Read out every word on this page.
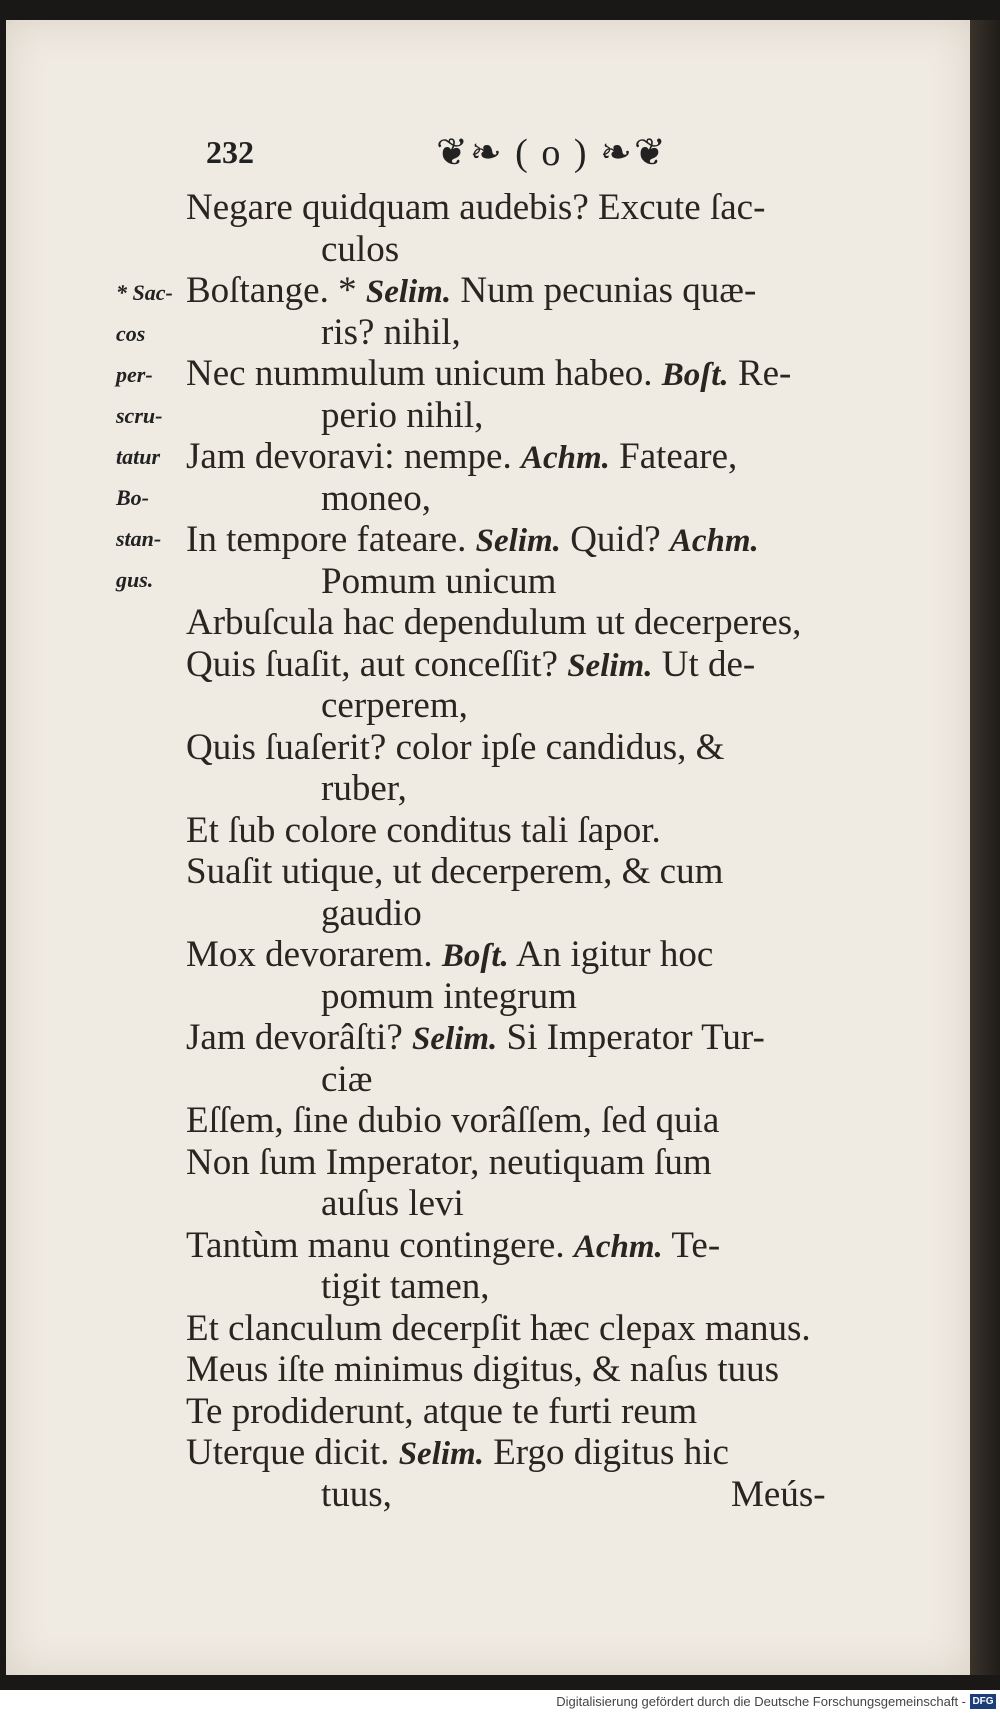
232	❦❧ ( o ) ❧❦
* Sac-
cos
per-
scru-
tatur
Bo-
stan-
gus.
Negare quidquam audebis? Excute ſac-
culos
Boſtange. * Selim. Num pecunias quæ-
ris? nihil,
Nec nummulum unicum habeo. Boſt. Re-
perio nihil,
Jam devoravi: nempe. Achm. Fateare,
moneo,
In tempore fateare. Selim. Quid? Achm.
Pomum unicum
Arbuſcula hac dependulum ut decerperes,
Quis ſuaſit, aut conceſſit? Selim. Ut de-
cerperem,
Quis ſuaſerit? color ipſe candidus, &
ruber,
Et ſub colore conditus tali ſapor.
Suaſit utique, ut decerperem, & cum
gaudio
Mox devorarem. Boſt. An igitur hoc
pomum integrum
Jam devorâſti? Selim. Si Imperator Tur-
ciæ
Eſſem, ſine dubio vorâſſem, ſed quia
Non ſum Imperator, neutiquam ſum
auſus levi
Tantùm manu contingere. Achm. Te-
tigit tamen,
Et clanculum decerpſit hæc clepax manus.
Meus iſte minimus digitus, & naſus tuus
Te prodiderunt, atque te furti reum
Uterque dicit. Selim. Ergo digitus hic
tuus,	Meús-
Digitalisierung gefördert durch die Deutsche Forschungsgemeinschaft - DFG
